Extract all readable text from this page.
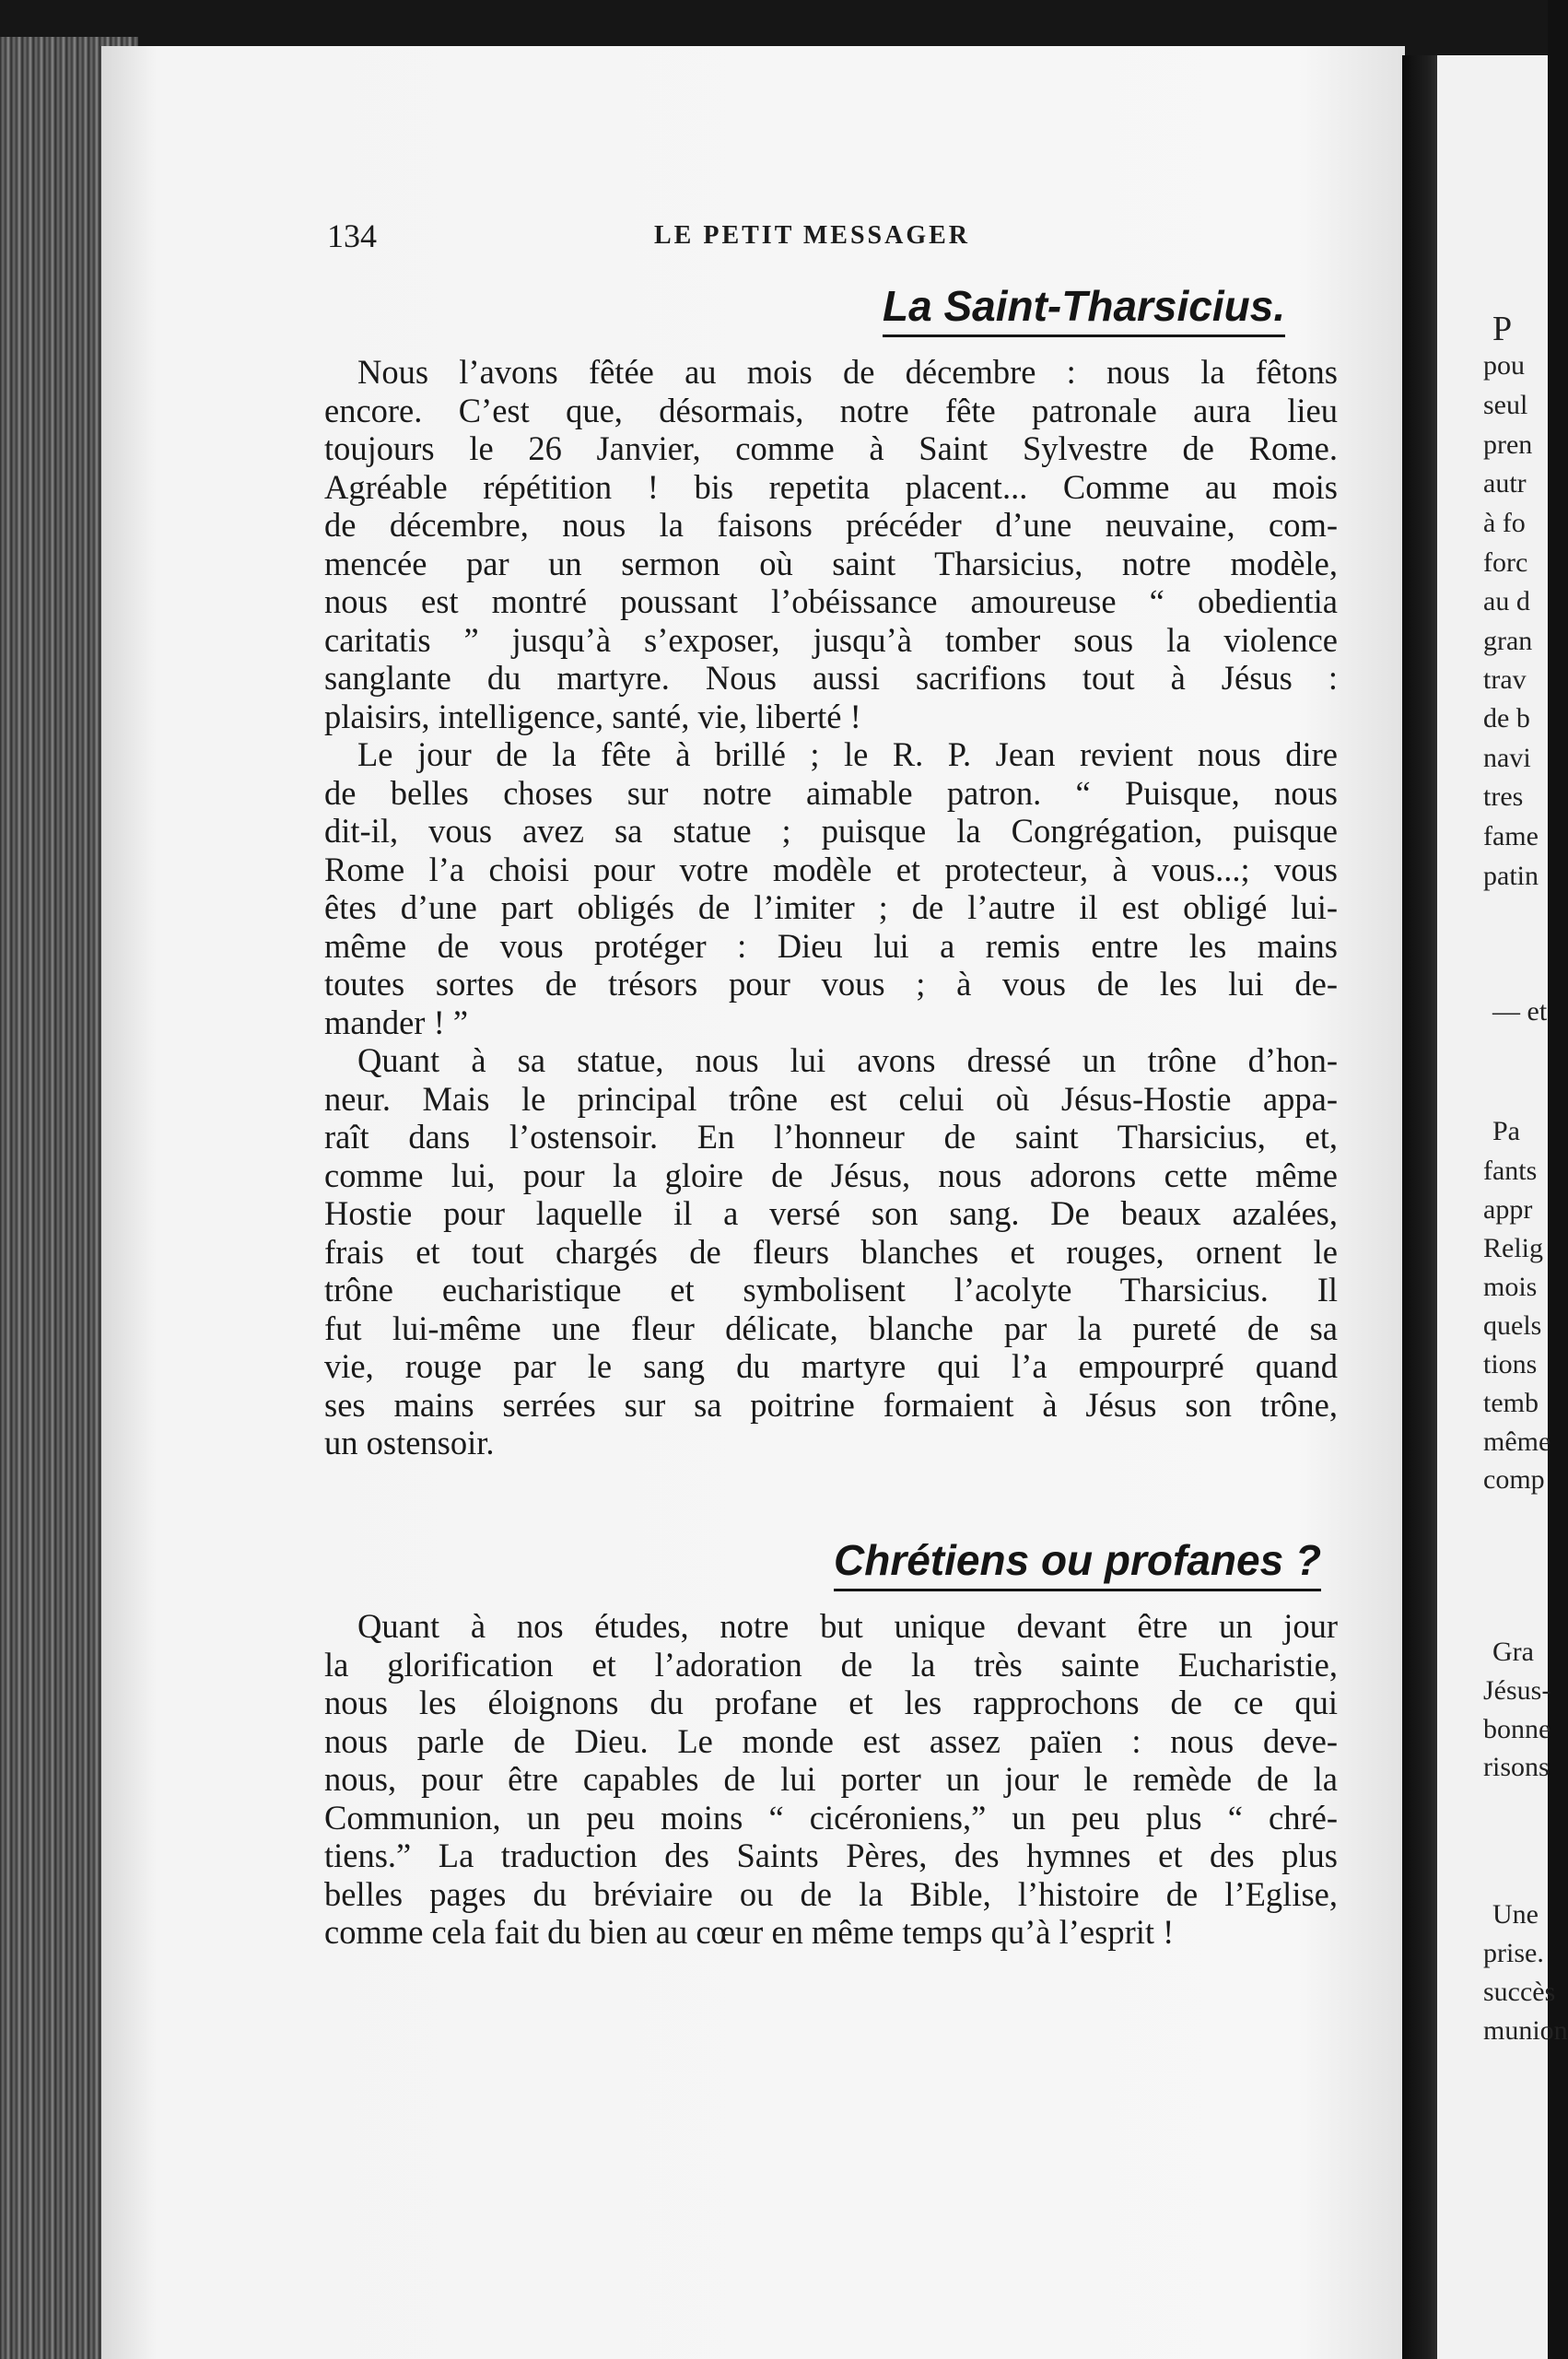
P
pou
seul
pren
autr
à fo
forc
au d
gran
trav
de b
navi
tres
fame
patin
— et
Pa
fants
appr
Relig
mois
quels
tions
temb
même
comp
Gra
Jésus-
bonne
risons
Une
prise.
succès
munion
134	LE PETIT MESSAGER
La Saint-Tharsicius.
Nous l’avons fêtée au mois de décembre : nous la fêtons
encore. C’est que, désormais, notre fête patronale aura lieu
toujours le 26 Janvier, comme à Saint Sylvestre de Rome.
Agréable répétition ! bis repetita placent... Comme au mois
de décembre, nous la faisons précéder d’une neuvaine, com-
mencée par un sermon où saint Tharsicius, notre modèle,
nous est montré poussant l’obéissance amoureuse “ obedientia
caritatis ” jusqu’à s’exposer, jusqu’à tomber sous la violence
sanglante du martyre. Nous aussi sacrifions tout à Jésus :
plaisirs, intelligence, santé, vie, liberté !
Le jour de la fête à brillé ; le R. P. Jean revient nous dire
de belles choses sur notre aimable patron. “ Puisque, nous
dit-il, vous avez sa statue ; puisque la Congrégation, puisque
Rome l’a choisi pour votre modèle et protecteur, à vous...; vous
êtes d’une part obligés de l’imiter ; de l’autre il est obligé lui-
même de vous protéger : Dieu lui a remis entre les mains
toutes sortes de trésors pour vous ; à vous de les lui de-
mander ! ”
Quant à sa statue, nous lui avons dressé un trône d’hon-
neur. Mais le principal trône est celui où Jésus-Hostie appa-
raît dans l’ostensoir. En l’honneur de saint Tharsicius, et,
comme lui, pour la gloire de Jésus, nous adorons cette même
Hostie pour laquelle il a versé son sang. De beaux azalées,
frais et tout chargés de fleurs blanches et rouges, ornent le
trône eucharistique et symbolisent l’acolyte Tharsicius. Il
fut lui-même une fleur délicate, blanche par la pureté de sa
vie, rouge par le sang du martyre qui l’a empourpré quand
ses mains serrées sur sa poitrine formaient à Jésus son trône,
un ostensoir.
Chrétiens ou profanes ?
Quant à nos études, notre but unique devant être un jour
la glorification et l’adoration de la très sainte Eucharistie,
nous les éloignons du profane et les rapprochons de ce qui
nous parle de Dieu. Le monde est assez païen : nous deve-
nous, pour être capables de lui porter un jour le remède de la
Communion, un peu moins “ cicéroniens,” un peu plus “ chré-
tiens.” La traduction des Saints Pères, des hymnes et des plus
belles pages du bréviaire ou de la Bible, l’histoire de l’Eglise,
comme cela fait du bien au cœur en même temps qu’à l’esprit !
